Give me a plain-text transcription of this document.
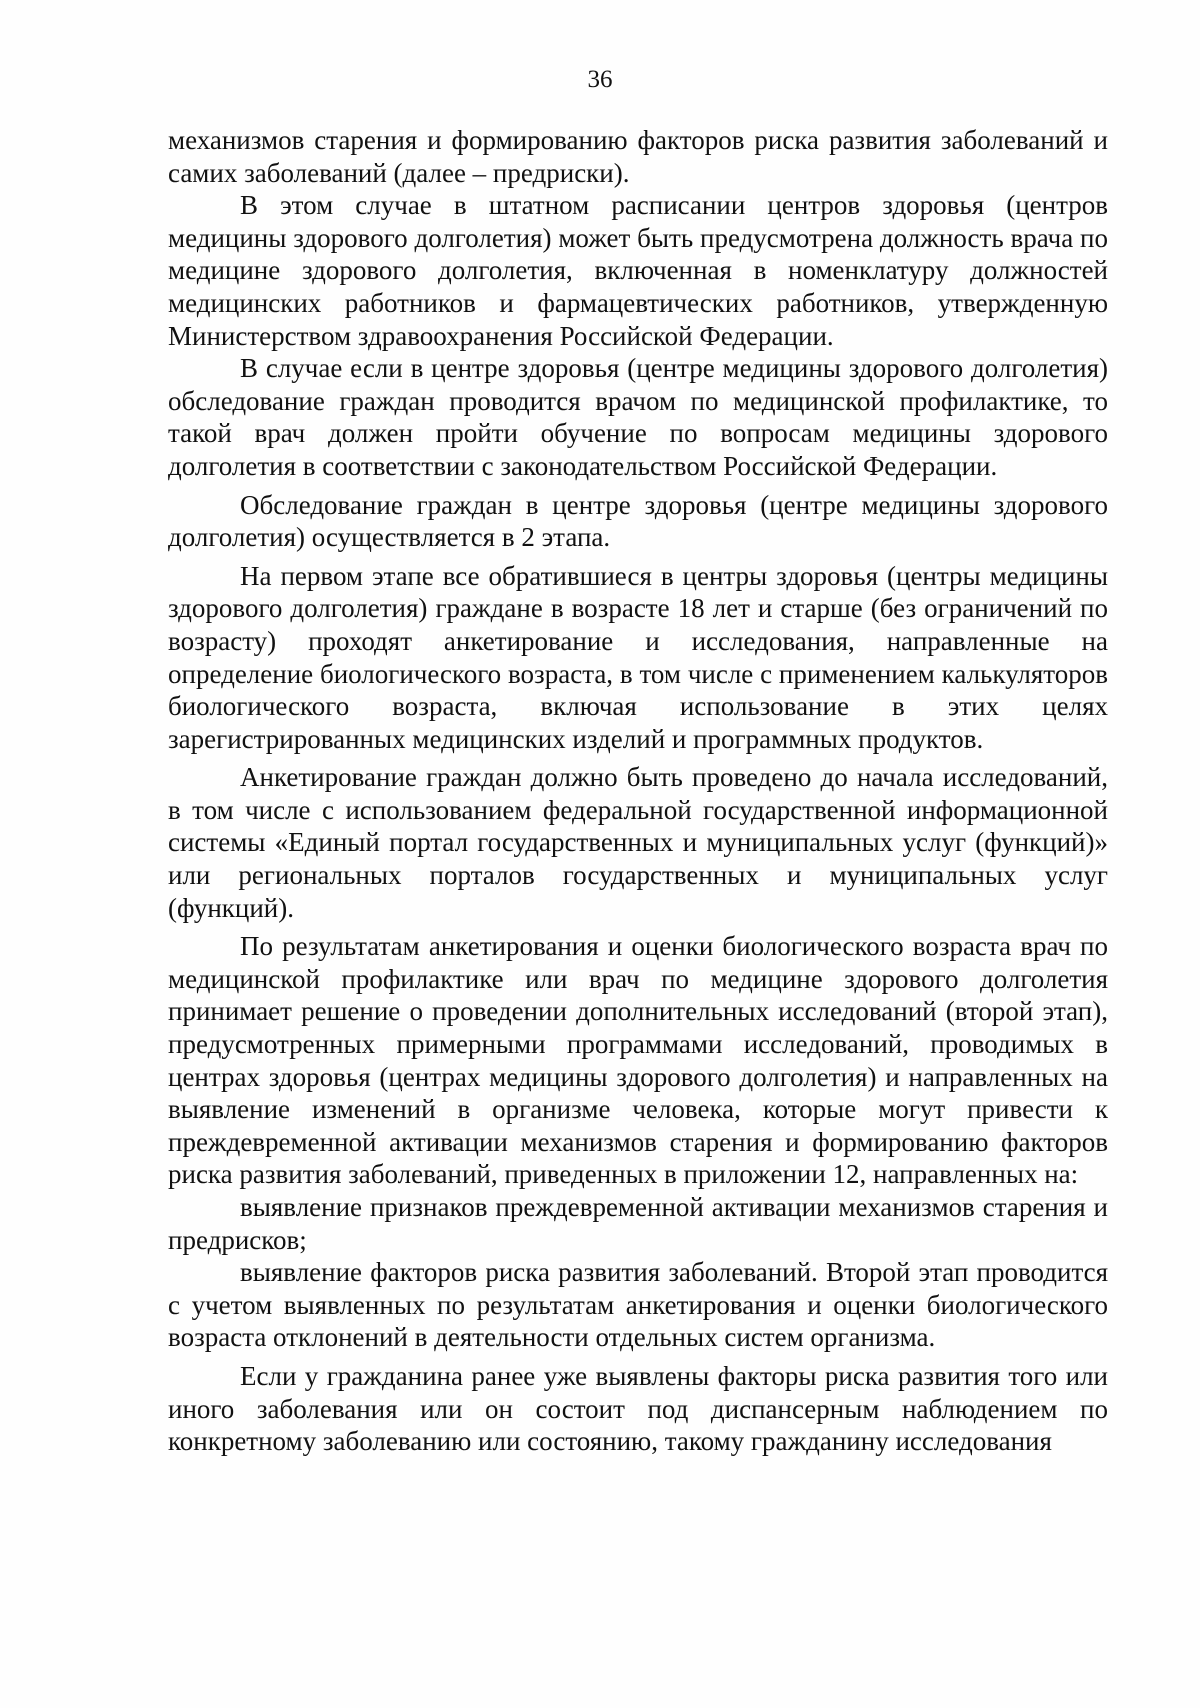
36

механизмов старения и формированию факторов риска развития заболеваний и самих заболеваний (далее – предриски).

В этом случае в штатном расписании центров здоровья (центров медицины здорового долголетия) может быть предусмотрена должность врача по медицине здорового долголетия, включенная в номенклатуру должностей медицинских работников и фармацевтических работников, утвержденную Министерством здравоохранения Российской Федерации.

В случае если в центре здоровья (центре медицины здорового долголетия) обследование граждан проводится врачом по медицинской профилактике, то такой врач должен пройти обучение по вопросам медицины здорового долголетия в соответствии с законодательством Российской Федерации.

Обследование граждан в центре здоровья (центре медицины здорового долголетия) осуществляется в 2 этапа.

На первом этапе все обратившиеся в центры здоровья (центры медицины здорового долголетия) граждане в возрасте 18 лет и старше (без ограничений по возрасту) проходят анкетирование и исследования, направленные на определение биологического возраста, в том числе с применением калькуляторов биологического возраста, включая использование в этих целях зарегистрированных медицинских изделий и программных продуктов.

Анкетирование граждан должно быть проведено до начала исследований, в том числе с использованием федеральной государственной информационной системы «Единый портал государственных и муниципальных услуг (функций)» или региональных порталов государственных и муниципальных услуг (функций).

По результатам анкетирования и оценки биологического возраста врач по медицинской профилактике или врач по медицине здорового долголетия принимает решение о проведении дополнительных исследований (второй этап), предусмотренных примерными программами исследований, проводимых в центрах здоровья (центрах медицины здорового долголетия) и направленных на выявление изменений в организме человека, которые могут привести к преждевременной активации механизмов старения и формированию факторов риска развития заболеваний, приведенных в приложении 12, направленных на:

выявление признаков преждевременной активации механизмов старения и предрисков;

выявление факторов риска развития заболеваний. Второй этап проводится с учетом выявленных по результатам анкетирования и оценки биологического возраста отклонений в деятельности отдельных систем организма.

Если у гражданина ранее уже выявлены факторы риска развития того или иного заболевания или он состоит под диспансерным наблюдением по конкретному заболеванию или состоянию, такому гражданину исследования
